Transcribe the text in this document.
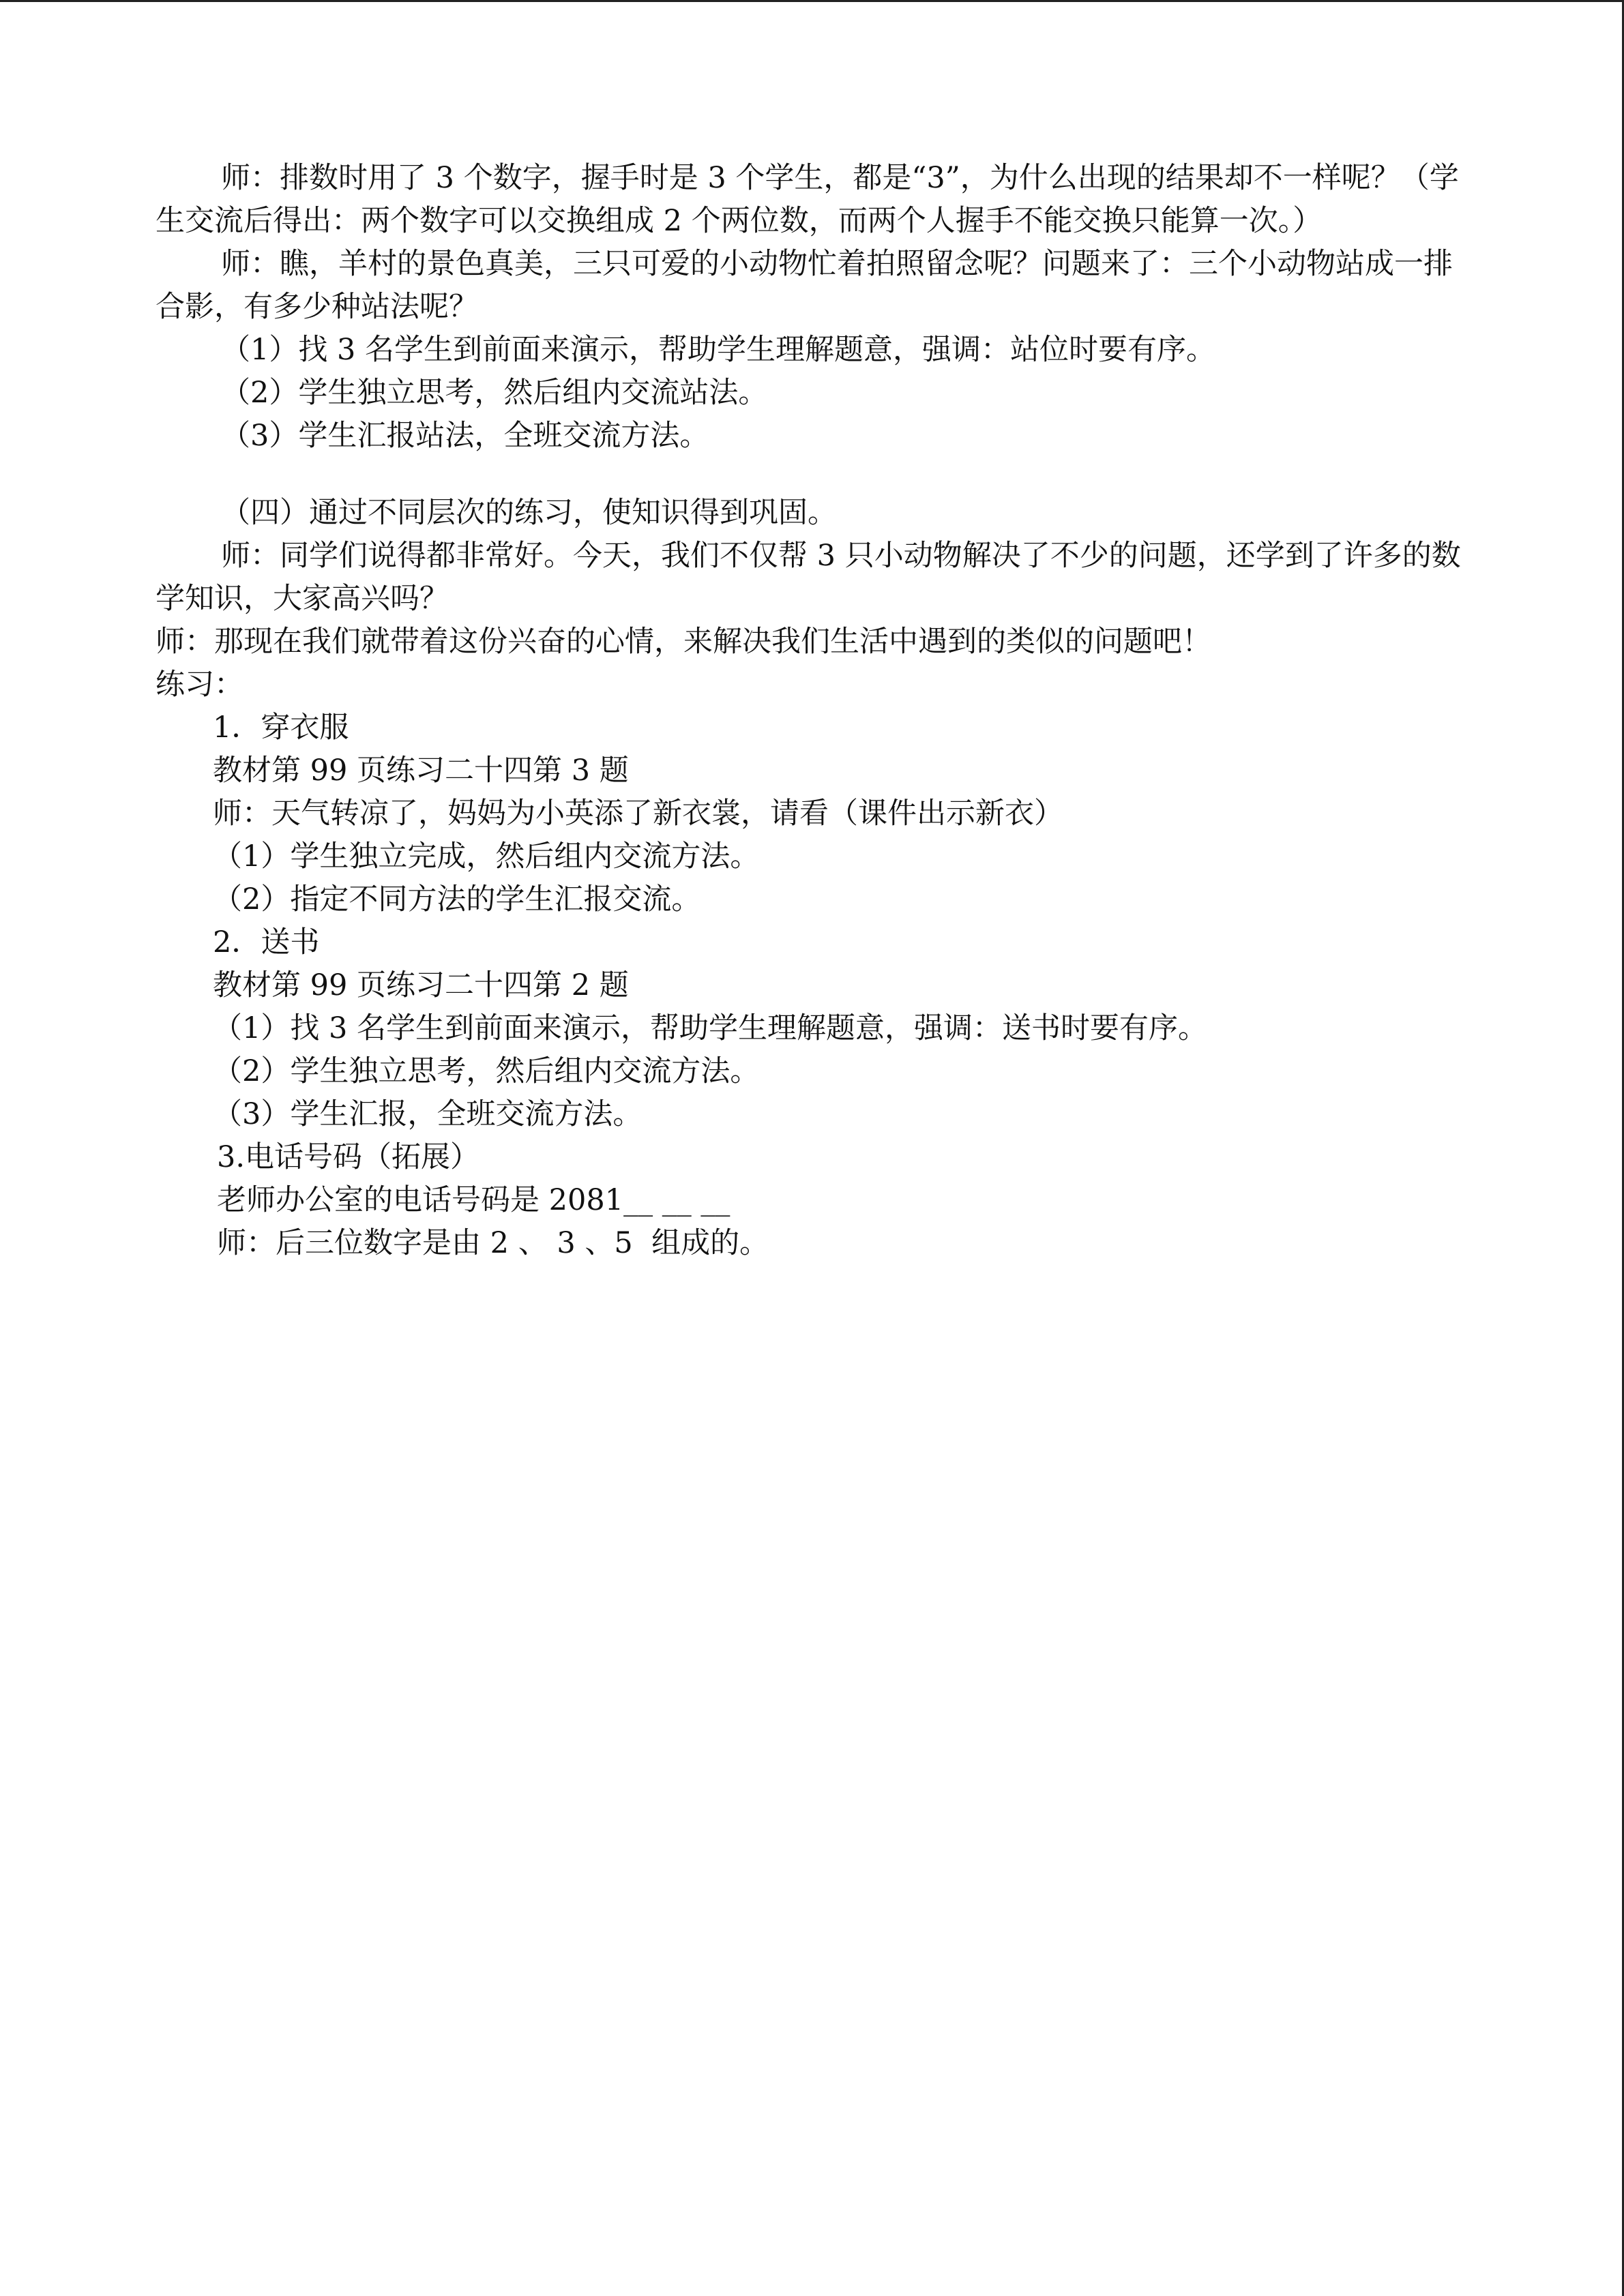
师：排数时用了 3 个数字，握手时是 3 个学生，都是“3”，为什么出现的结果却不一样呢？（学生交流后得出：两个数字可以交换组成 2 个两位数，而两个人握手不能交换只能算一次。）

师：瞧，羊村的景色真美，三只可爱的小动物忙着拍照留念呢？问题来了：三个小动物站成一排合影，有多少种站法呢？

（1）找 3 名学生到前面来演示，帮助学生理解题意，强调：站位时要有序。

（2）学生独立思考，然后组内交流站法。

（3）学生汇报站法，全班交流方法。

（四）通过不同层次的练习，使知识得到巩固。

师：同学们说得都非常好。今天，我们不仅帮 3 只小动物解决了不少的问题，还学到了许多的数学知识，大家高兴吗？

师：那现在我们就带着这份兴奋的心情，来解决我们生活中遇到的类似的问题吧！

练习：

1．穿衣服

教材第 99 页练习二十四第 3 题

师：天气转凉了，妈妈为小英添了新衣裳，请看（课件出示新衣）

（1）学生独立完成，然后组内交流方法。

（2）指定不同方法的学生汇报交流。

2．送书

教材第 99 页练习二十四第 2 题

（1）找 3 名学生到前面来演示，帮助学生理解题意，强调：送书时要有序。

（2）学生独立思考，然后组内交流方法。

（3）学生汇报，全班交流方法。

3.电话号码（拓展）

老师办公室的电话号码是 2081__ __ __

师：后三位数字是由 2 、 3 、5  组成的。
